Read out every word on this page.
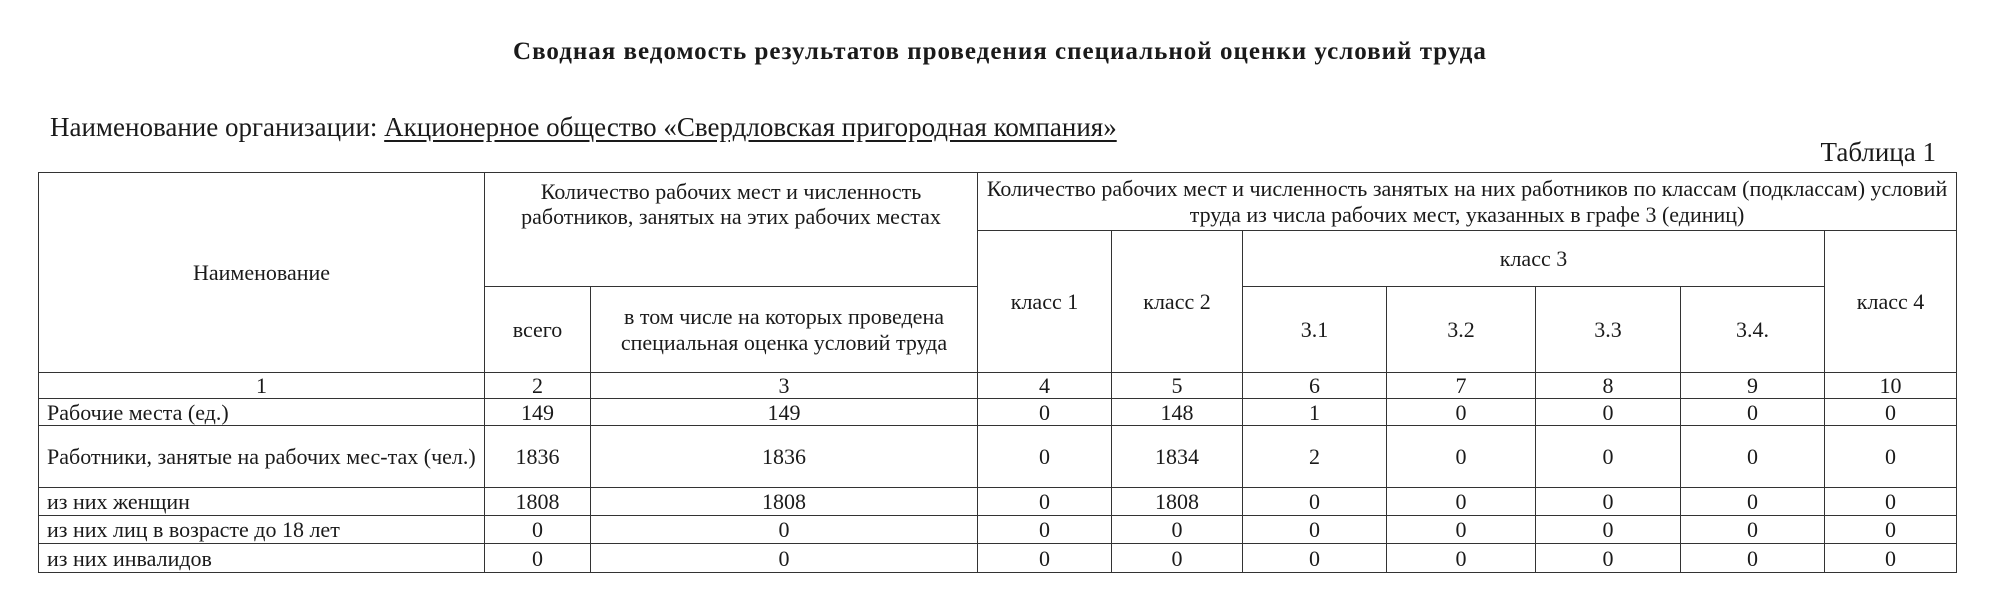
Сводная ведомость результатов проведения специальной оценки условий труда
Наименование организации: Акционерное общество «Свердловская пригородная компания»
Таблица 1
Наименование	Количество рабочих мест и численность работников, занятых на этих рабочих местах		Количество рабочих мест и численность занятых на них работников по классам (подклассам) условий труда из числа рабочих мест, указанных в графе 3 (единиц)						
			класс 1	класс 2	класс 3				класс 4
	всего	в том числе на которых проведена специальная оценка условий труда			3.1	3.2	3.3	3.4.	
1	2	3	4	5	6	7	8	9	10
Рабочие места (ед.)	149	149	0	148	1	0	0	0	0
Работники, занятые на рабочих мес-тах (чел.)	1836	1836	0	1834	2	0	0	0	0
из них женщин	1808	1808	0	1808	0	0	0	0	0
из них лиц в возрасте до 18 лет	0	0	0	0	0	0	0	0	0
из них инвалидов	0	0	0	0	0	0	0	0	0
